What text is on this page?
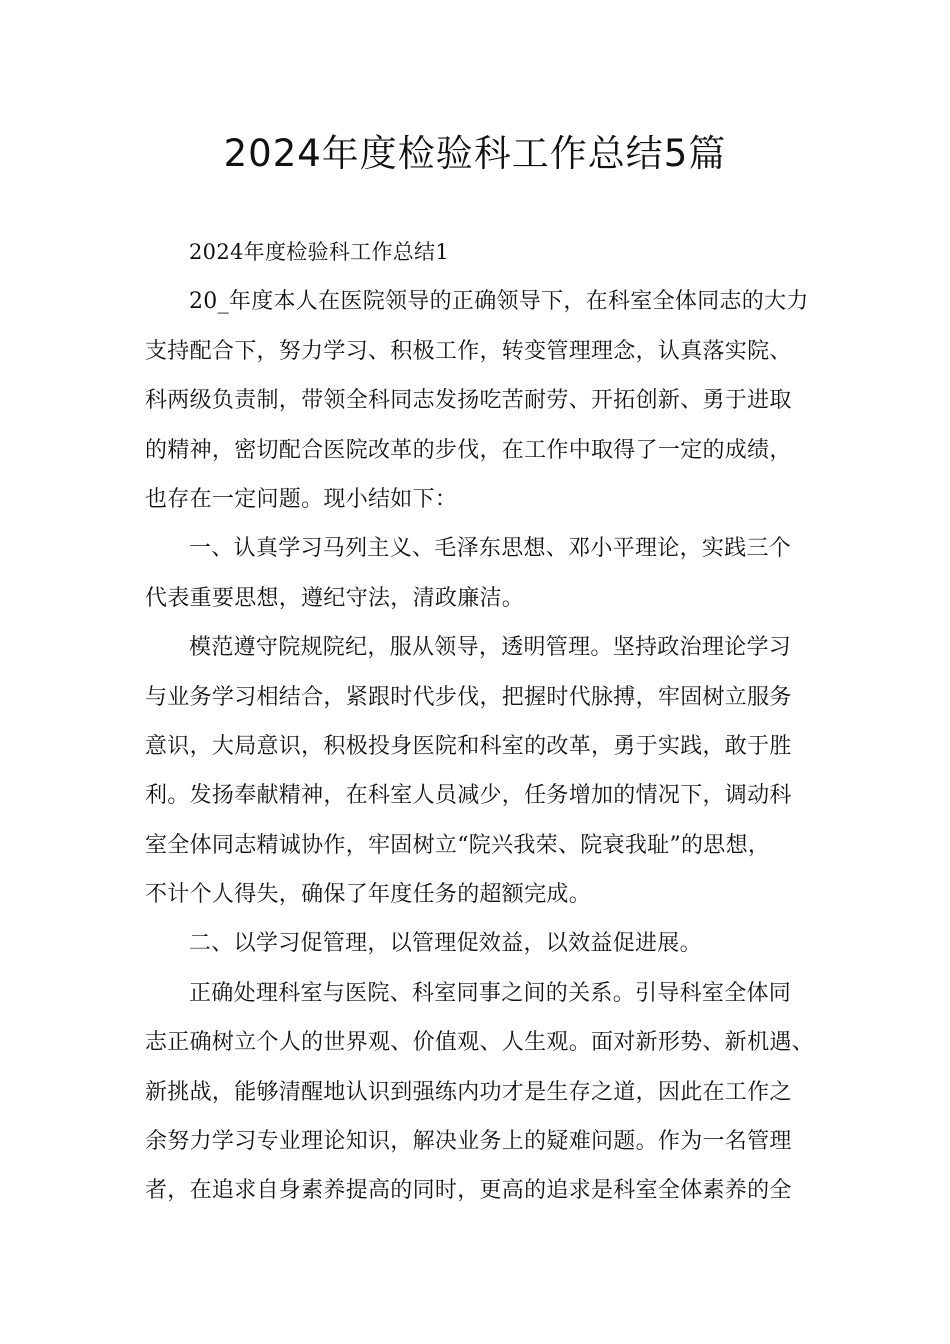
2024年度检验科工作总结5篇
2024年度检验科工作总结1
20_年度本人在医院领导的正确领导下，在科室全体同志的大力
支持配合下，努力学习、积极工作，转变管理理念，认真落实院、
科两级负责制，带领全科同志发扬吃苦耐劳、开拓创新、勇于进取
的精神，密切配合医院改革的步伐，在工作中取得了一定的成绩，
也存在一定问题。现小结如下：
一、认真学习马列主义、毛泽东思想、邓小平理论，实践三个
代表重要思想，遵纪守法，清政廉洁。
模范遵守院规院纪，服从领导，透明管理。坚持政治理论学习
与业务学习相结合，紧跟时代步伐，把握时代脉搏，牢固树立服务
意识，大局意识，积极投身医院和科室的改革，勇于实践，敢于胜
利。发扬奉献精神，在科室人员减少，任务增加的情况下，调动科
室全体同志精诚协作，牢固树立“院兴我荣、院衰我耻”的思想，
不计个人得失，确保了年度任务的超额完成。
二、以学习促管理，以管理促效益，以效益促进展。
正确处理科室与医院、科室同事之间的关系。引导科室全体同
志正确树立个人的世界观、价值观、人生观。面对新形势、新机遇、
新挑战，能够清醒地认识到强练内功才是生存之道，因此在工作之
余努力学习专业理论知识，解决业务上的疑难问题。作为一名管理
者，在追求自身素养提高的同时，更高的追求是科室全体素养的全
